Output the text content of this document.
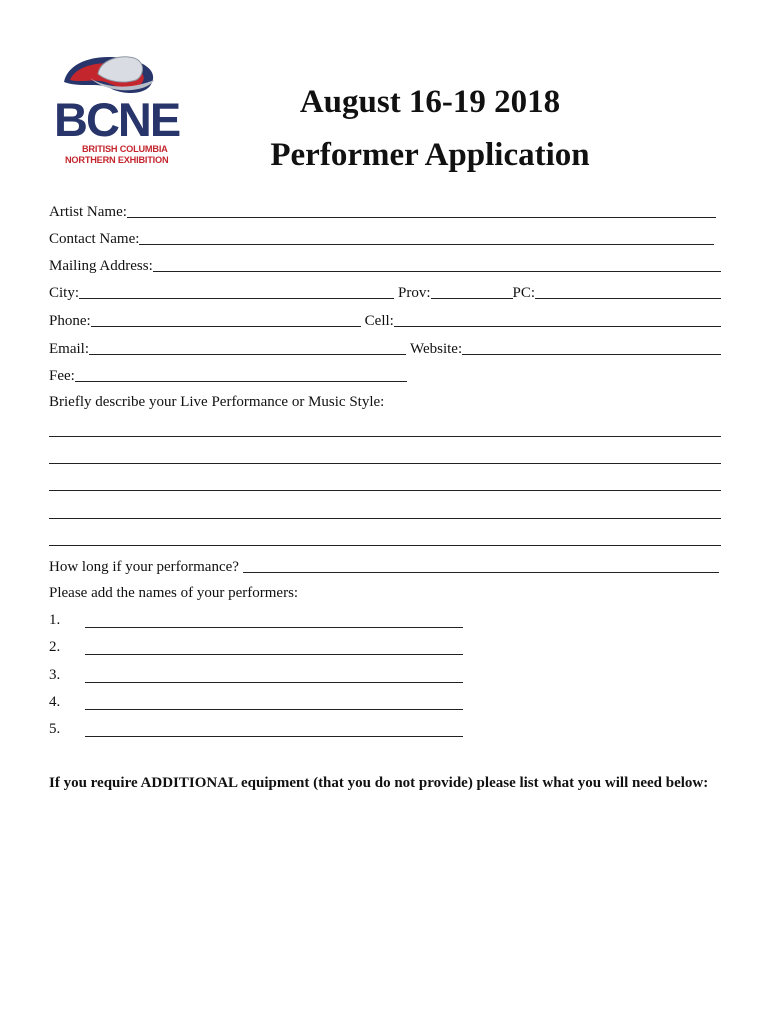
BCNE
BRITISH COLUMBIA
NORTHERN EXHIBITION
August 16-19 2018
Performer Application
Artist Name:
Contact Name:
Mailing Address:
City:	Prov:	PC:
Phone:	Cell:
Email:	Website:
Fee:
Briefly describe your Live Performance or Music Style:
How long if your performance?
Please add the names of your performers:
1.
2.
3.
4.
5.
If you require ADDITIONAL equipment (that you do not provide) please list what you will need below:
